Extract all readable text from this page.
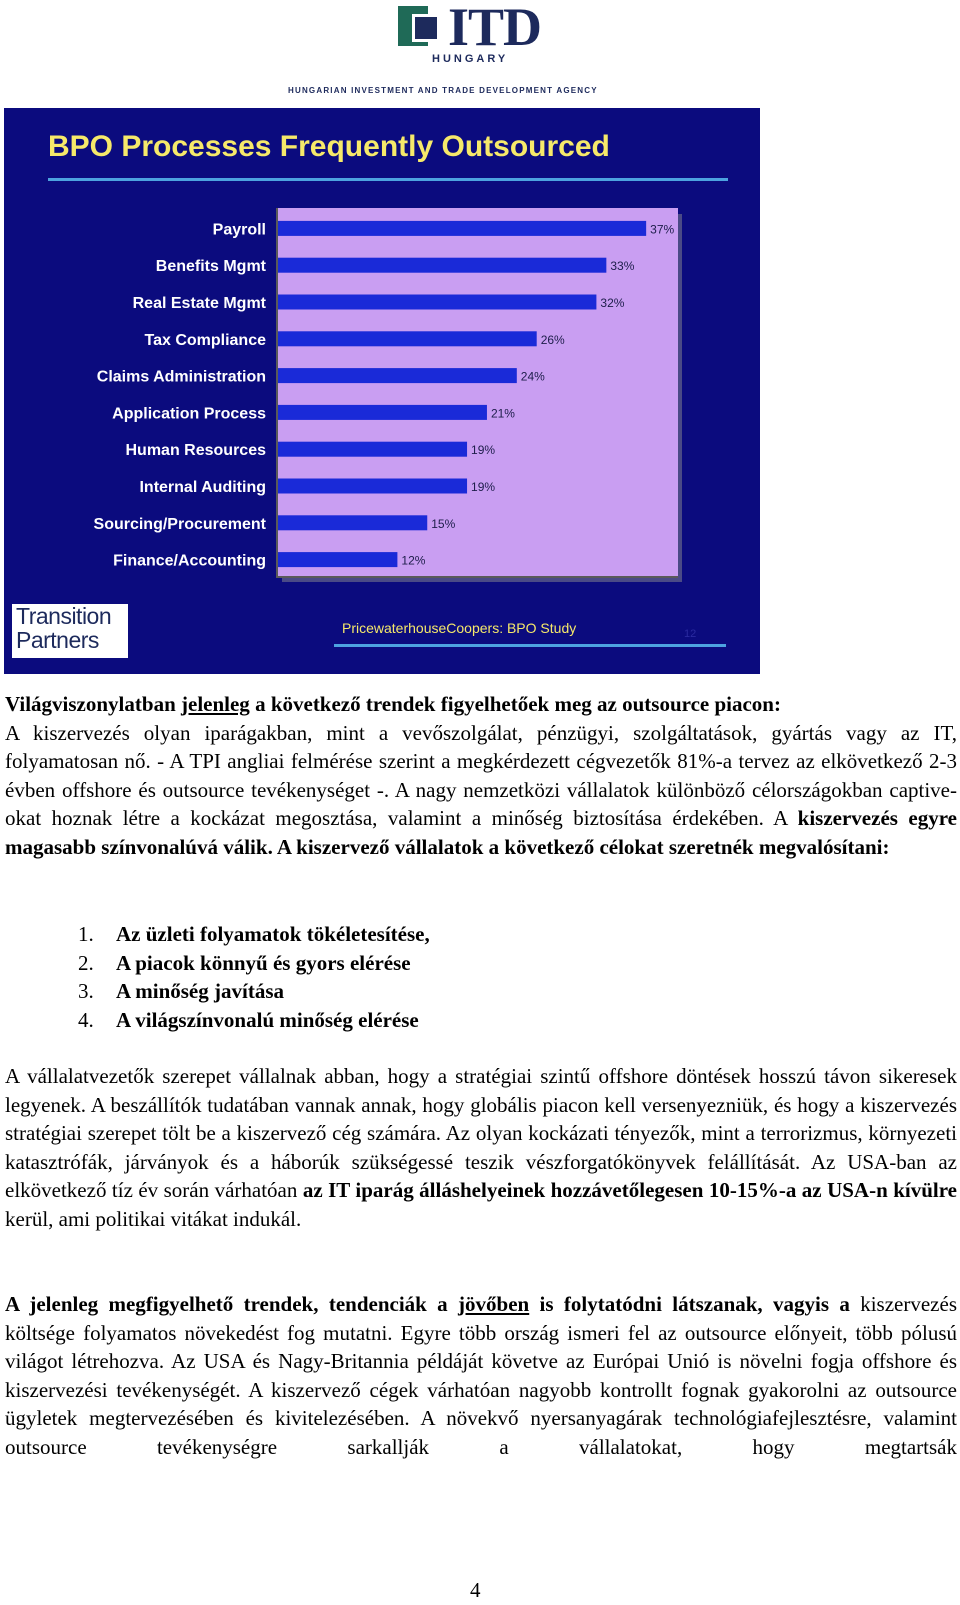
ITD
HUNGARY
HUNGARIAN INVESTMENT AND TRADE DEVELOPMENT AGENCY
BPO Processes Frequently Outsourced
37%
Payroll
33%
Benefits Mgmt
32%
Real Estate Mgmt
26%
Tax Compliance
24%
Claims Administration
21%
Application Process
19%
Human Resources
19%
Internal Auditing
15%
Sourcing/Procurement
12%
Finance/Accounting
PricewaterhouseCoopers: BPO Study	12
Transition
Partners
Világviszonylatban jelenleg a következő trendek figyelhetőek meg az outsource piacon:
A kiszervezés olyan iparágakban, mint a vevőszolgálat, pénzügyi, szolgáltatások, gyártás vagy az IT, folyamatosan nő. - A TPI angliai felmérése szerint a megkérdezett cégvezetők 81%-a tervez az elkövetkező 2-3 évben offshore és outsource tevékenységet -. A nagy nemzetközi vállalatok különböző célországokban captive-okat hoznak létre a kockázat megosztása, valamint a minőség biztosítása érdekében. A kiszervezés egyre magasabb színvonalúvá válik. A kiszervező vállalatok a következő célokat szeretnék megvalósítani:
1.	Az üzleti folyamatok tökéletesítése,
2.	A piacok könnyű és gyors elérése
3.	A minőség javítása
4.	A világszínvonalú minőség elérése
A vállalatvezetők szerepet vállalnak abban, hogy a stratégiai szintű offshore döntések hosszú távon sikeresek legyenek. A beszállítók tudatában vannak annak, hogy globális piacon kell versenyezniük, és hogy a kiszervezés stratégiai szerepet tölt be a kiszervező cég számára. Az olyan kockázati tényezők, mint a terrorizmus, környezeti katasztrófák, járványok és a háborúk szükségessé teszik vészforgatókönyvek felállítását. Az USA-ban az elkövetkező tíz év során várhatóan az IT iparág álláshelyeinek hozzávetőlegesen 10-15%-a az USA-n kívülre kerül, ami politikai vitákat indukál.
A jelenleg megfigyelhető trendek, tendenciák a jövőben is folytatódni látszanak, vagyis a kiszervezés költsége folyamatos növekedést fog mutatni. Egyre több ország ismeri fel az outsource előnyeit, több pólusú világot létrehozva. Az USA és Nagy-Britannia példáját követve az Európai Unió is növelni fogja offshore és kiszervezési tevékenységét. A kiszervező cégek várhatóan nagyobb kontrollt fognak gyakorolni az outsource ügyletek megtervezésében és kivitelezésében. A növekvő nyersanyagárak technológiafejlesztésre, valamint outsource tevékenységre sarkallják a vállalatokat, hogy megtartsák
4
